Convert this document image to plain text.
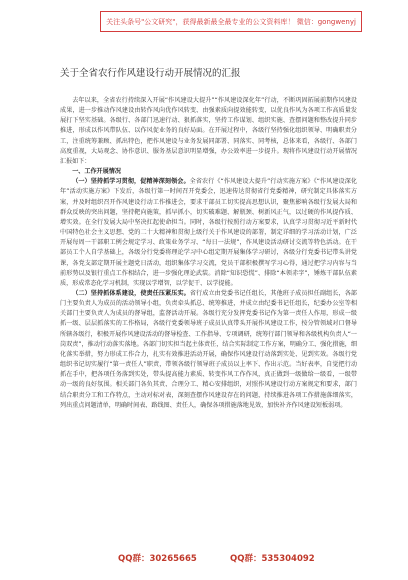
关注头条号"公文研究"，获得最新最全最专业的公文资料库！ 微信：gongwenyj
关于全省农行作风建设行动开展情况的汇报

去年以来，全省农行持续深入开展“作风建设大提升”“作风建设深化年”行动，不断巩固拓展前期作风建设成果，进一步推动作风建设由转作风向优作风转变、由强素质向提效能转变，以优良作风为各项工作高质量发展打下坚实基础。各级行、各部门迅速行动、狠抓落实，坚持工作谋划、组织实施、查摆问题和整改提升同步推进，形成以作风带队伍、以作风促业务的良好局面。在开展过程中，各级行坚持强化组织领导、明确职责分工，注重统筹兼顾、抓出特色，把作风建设与业务发展同部署、同落实、同考核，总体来看，各级行、各部门高度重视，大局观念、协作意识、服务基层意识明显增强，办公效率进一步提升。现将作风建设行动开展情况汇报如下：

一、工作开展情况

（一）坚持抓学习贯彻，促精神深刻领会。全省农行《“作风建设大提升”行动实施方案》《“作风建设深化年”活动实施方案》下发后，各级行第一时间召开党委会，迅速传达贯彻省行党委精神，研究制定具体落实方案，并及时组织召开作风建设行动工作推进会，要求干部员工切实提高思想认识，聚焦影响各级行发展大局和群众反映的突出问题，坚持靶向施策，抓早抓小，切实破难题、解瓶颈、树新风正气，以过硬的作风提作质、增实效。在全行发展大局中坚决扛起使命担当。同时，各级行按照行动方案要求，认真学习贯彻习近平新时代中国特色社会主义思想、党的二十大精神和贯彻上级行关于作风建设的部署，制定详细的学习活动计划，广泛开展每周一干部职工例会规定学习、政策业务学习、“每日一法规”，作风建设活动研讨交流等特色活动。在干部员工个人自学基础上，各级分行党委将理论学习中心组定期开展集体学习研讨，各级分行党委书记带头讲党课，各党支部定期开展主题党日活动，组织集体学习交流，党员干部积极撰写学习心得，通过把学习内容与当前形势以及银行重点工作相结合，进一步强化理论武装。消除“知识恐慌”、排除“本领赤字”，锤炼干部队伍素质，形成常态化学习机制，实现以学增智，以学促干、以学提能。

（二）坚持抓体系建设，使责任压紧压实。省行成立由党委书记任组长，其他班子成员担任副组长，各部门主要负责人为成员的活动领导小组，负责牵头抓总、统筹推进，并成立由纪委书记任组长，纪委办公室等相关部门主要负责人为成员的督导组，监督活动开展。各级行充分发挥党委书记作为第一责任人作用，形成一级抓一级、层层抓落实的工作格局，各级行党委领导班子成员认真带头开展作风建设工作，按分管领域对口督导所辖各级行，积极开展作风建设活动的督导检查、工作指导、专项调研，统筹行部门领导和各级机构负责人“一岗双责”，推动行动落实落地。各部门切实担当起主体责任，结合实际制定工作方案，明确分工、强化措施，细化落实举措，努力形成工作合力，扎实有效推进活动开展，确保作风建设行动落到实处、见到实效。各级行党组织书记切实履行“第一责任人”职责，带领各级行领导班子成员以上率下、作出示范。当好表率，自觉把行动抓在手中，把各项任务落到实处，带头提高能力素质、转变作风工作作风，真正做到一级做给一级看，一级带动一级的良好氛围。相关部门各负其责、合理分工、精心安排组织，对照作风建设行动方案规定和要求，部门结合职责分工和工作特点，主动对标对表，深刻查摆作风建设存在的问题，持续推进各项工作措施落细落实，列出重点问题清单，明确时间表、路线图、责任人，确保各项措施落地见效，加快补齐作风建设短板弱项。

QQ群：30265665	QQ群：535304092
